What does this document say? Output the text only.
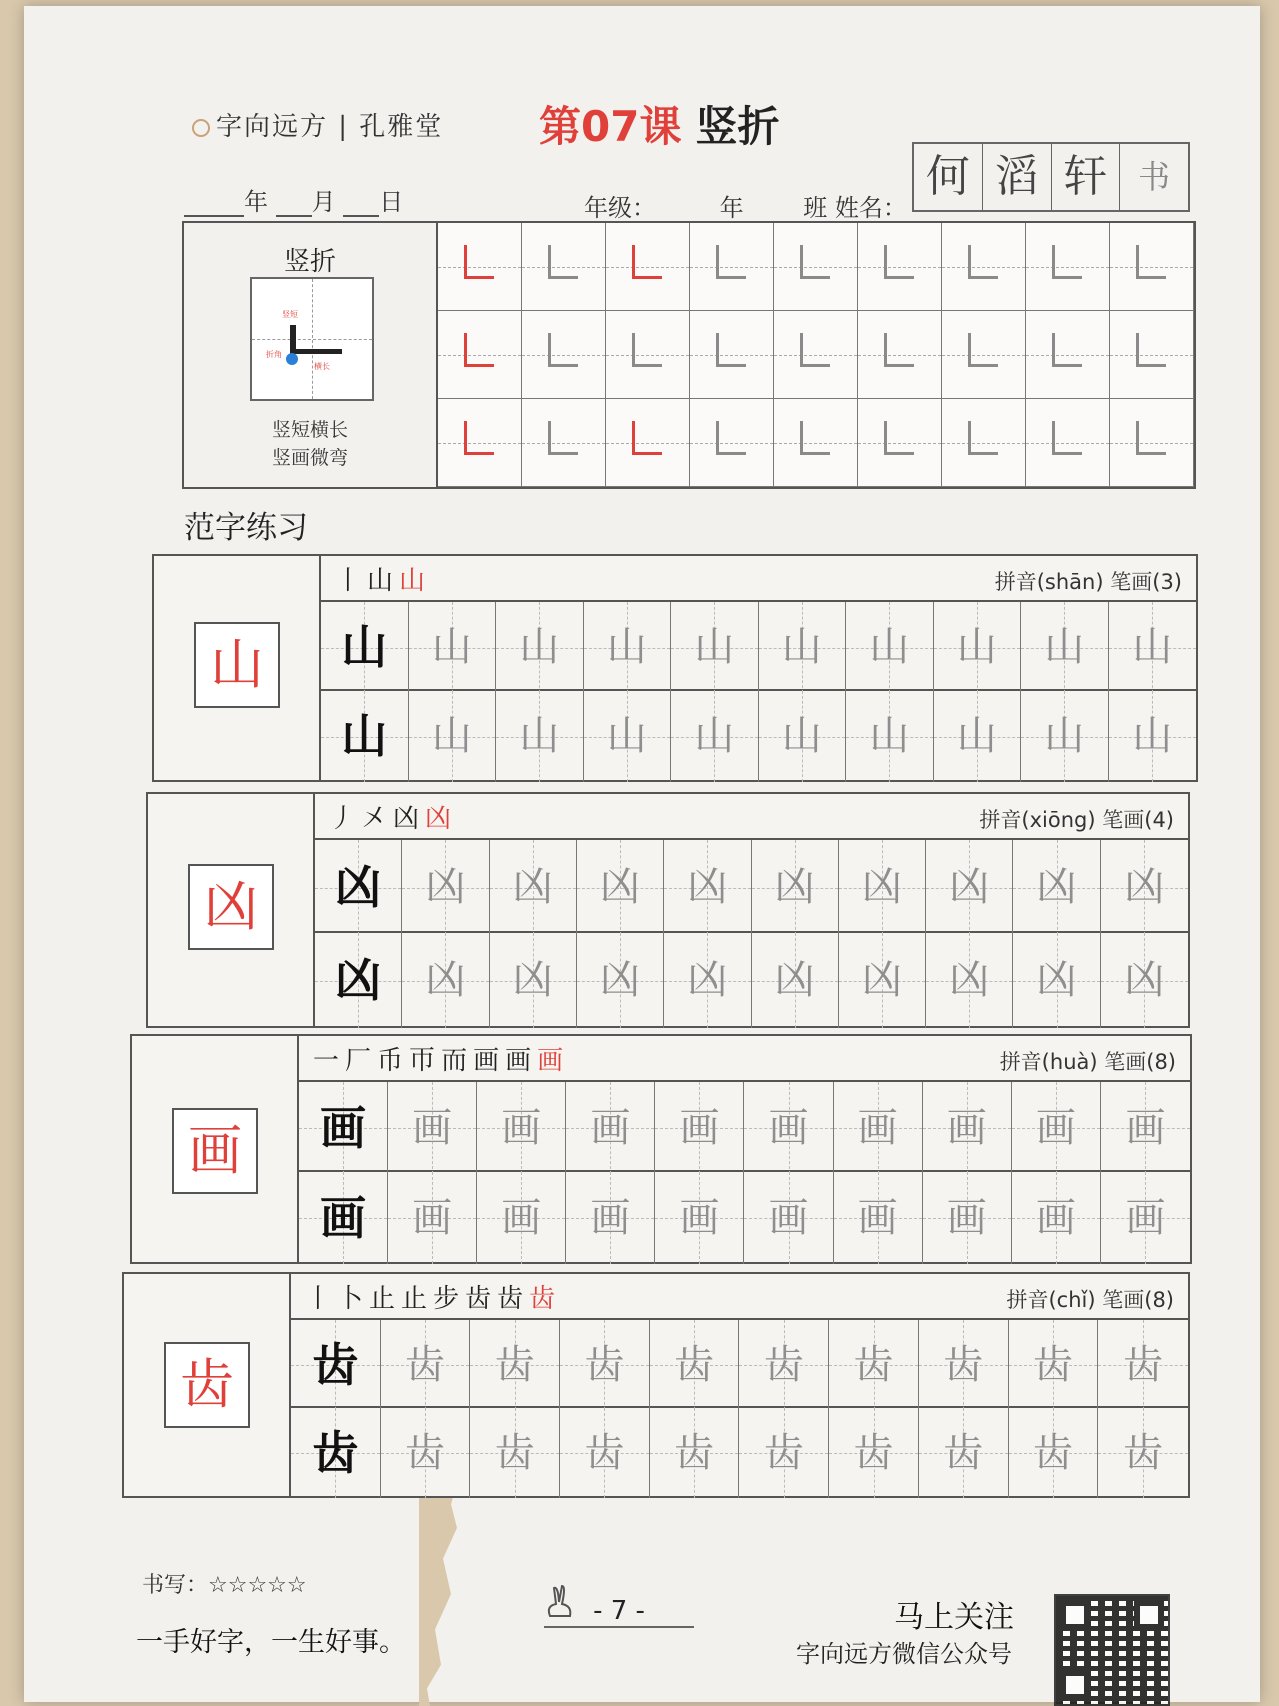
字向远方 | 孔雅堂 第07课 竖折
年 月 日	年级：	年 班 姓名：
何 滔 轩 书
竖折
竖短
折角
横长
竖短横长
竖画微弯
范字练习
山
丨山山	拼音(shān) 笔画(3)
山	山	山	山	山	山	山	山	山	山
山	山	山	山	山	山	山	山	山	山
凶
丿㐅凶凶	拼音(xiōng) 笔画(4)
凶	凶	凶	凶	凶	凶	凶	凶	凶	凶
凶	凶	凶	凶	凶	凶	凶	凶	凶	凶
画
一厂币帀而画画画	拼音(huà) 笔画(8)
画	画	画	画	画	画	画	画	画	画
画	画	画	画	画	画	画	画	画	画
齿
丨卜止止步齿齿齿	拼音(chǐ) 笔画(8)
齿	齿	齿	齿	齿	齿	齿	齿	齿	齿
齿	齿	齿	齿	齿	齿	齿	齿	齿	齿
书写：☆☆☆☆☆
一手好字，一生好事。
- 7 -	马上关注
字向远方微信公众号
